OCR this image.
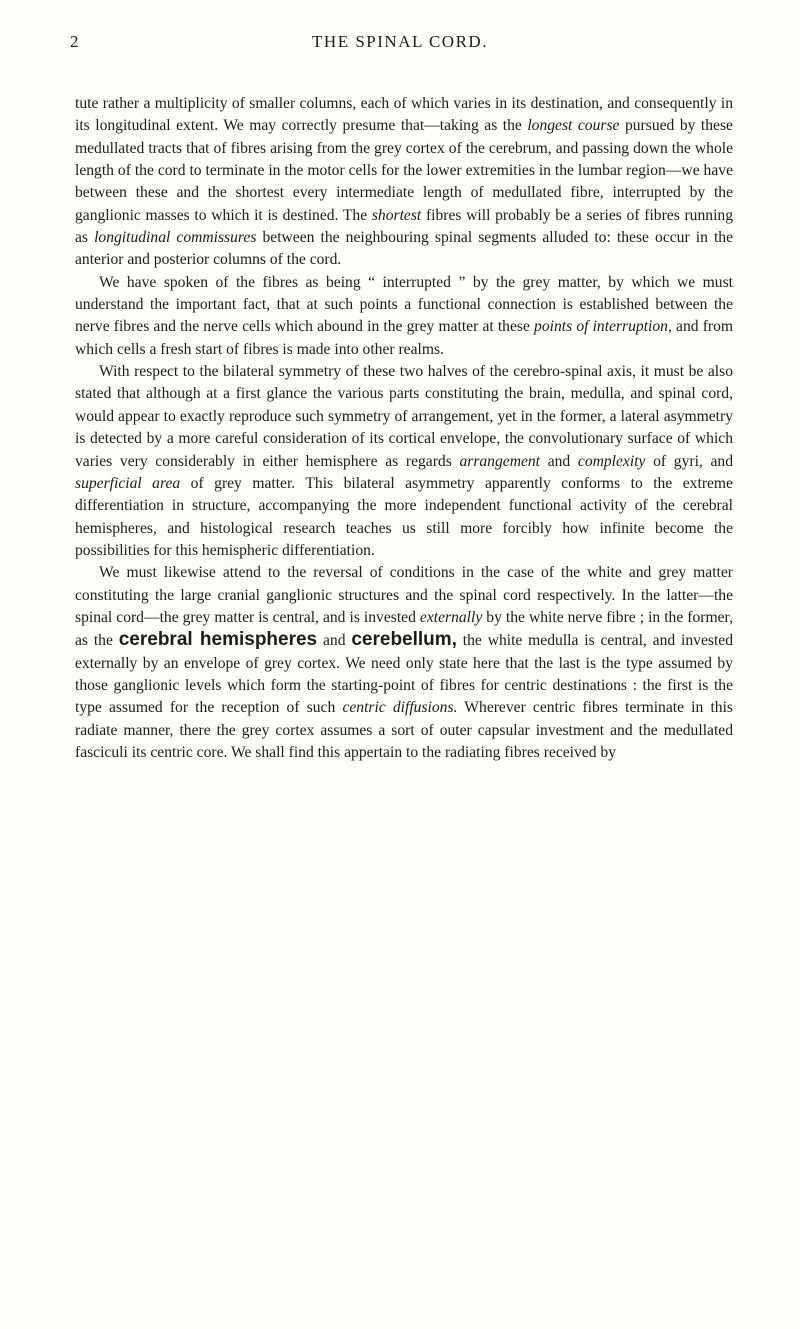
2	THE SPINAL CORD.

tute rather a multiplicity of smaller columns, each of which varies in its destination, and consequently in its longitudinal extent. We may correctly presume that—taking as the longest course pursued by these medullated tracts that of fibres arising from the grey cortex of the cerebrum, and passing down the whole length of the cord to terminate in the motor cells for the lower extremities in the lumbar region—we have between these and the shortest every intermediate length of medullated fibre, interrupted by the ganglionic masses to which it is destined. The shortest fibres will probably be a series of fibres running as longitudinal commissures between the neighbouring spinal segments alluded to: these occur in the anterior and posterior columns of the cord.

We have spoken of the fibres as being “ interrupted ” by the grey matter, by which we must understand the important fact, that at such points a functional connection is established between the nerve fibres and the nerve cells which abound in the grey matter at these points of interruption, and from which cells a fresh start of fibres is made into other realms.

With respect to the bilateral symmetry of these two halves of the cerebro-spinal axis, it must be also stated that although at a first glance the various parts constituting the brain, medulla, and spinal cord, would appear to exactly reproduce such symmetry of arrangement, yet in the former, a lateral asymmetry is detected by a more careful consideration of its cortical envelope, the convolutionary surface of which varies very considerably in either hemisphere as regards arrangement and complexity of gyri, and superficial area of grey matter. This bilateral asymmetry apparently conforms to the extreme differentiation in structure, accompanying the more independent functional activity of the cerebral hemispheres, and histological research teaches us still more forcibly how infinite become the possibilities for this hemispheric differentiation.

We must likewise attend to the reversal of conditions in the case of the white and grey matter constituting the large cranial ganglionic structures and the spinal cord respectively. In the latter—the spinal cord—the grey matter is central, and is invested externally by the white nerve fibre ; in the former, as the cerebral hemispheres and cerebellum, the white medulla is central, and invested externally by an envelope of grey cortex. We need only state here that the last is the type assumed by those ganglionic levels which form the starting-point of fibres for centric destinations : the first is the type assumed for the reception of such centric diffusions. Wherever centric fibres terminate in this radiate manner, there the grey cortex assumes a sort of outer capsular investment and the medullated fasciculi its centric core. We shall find this appertain to the radiating fibres received by
